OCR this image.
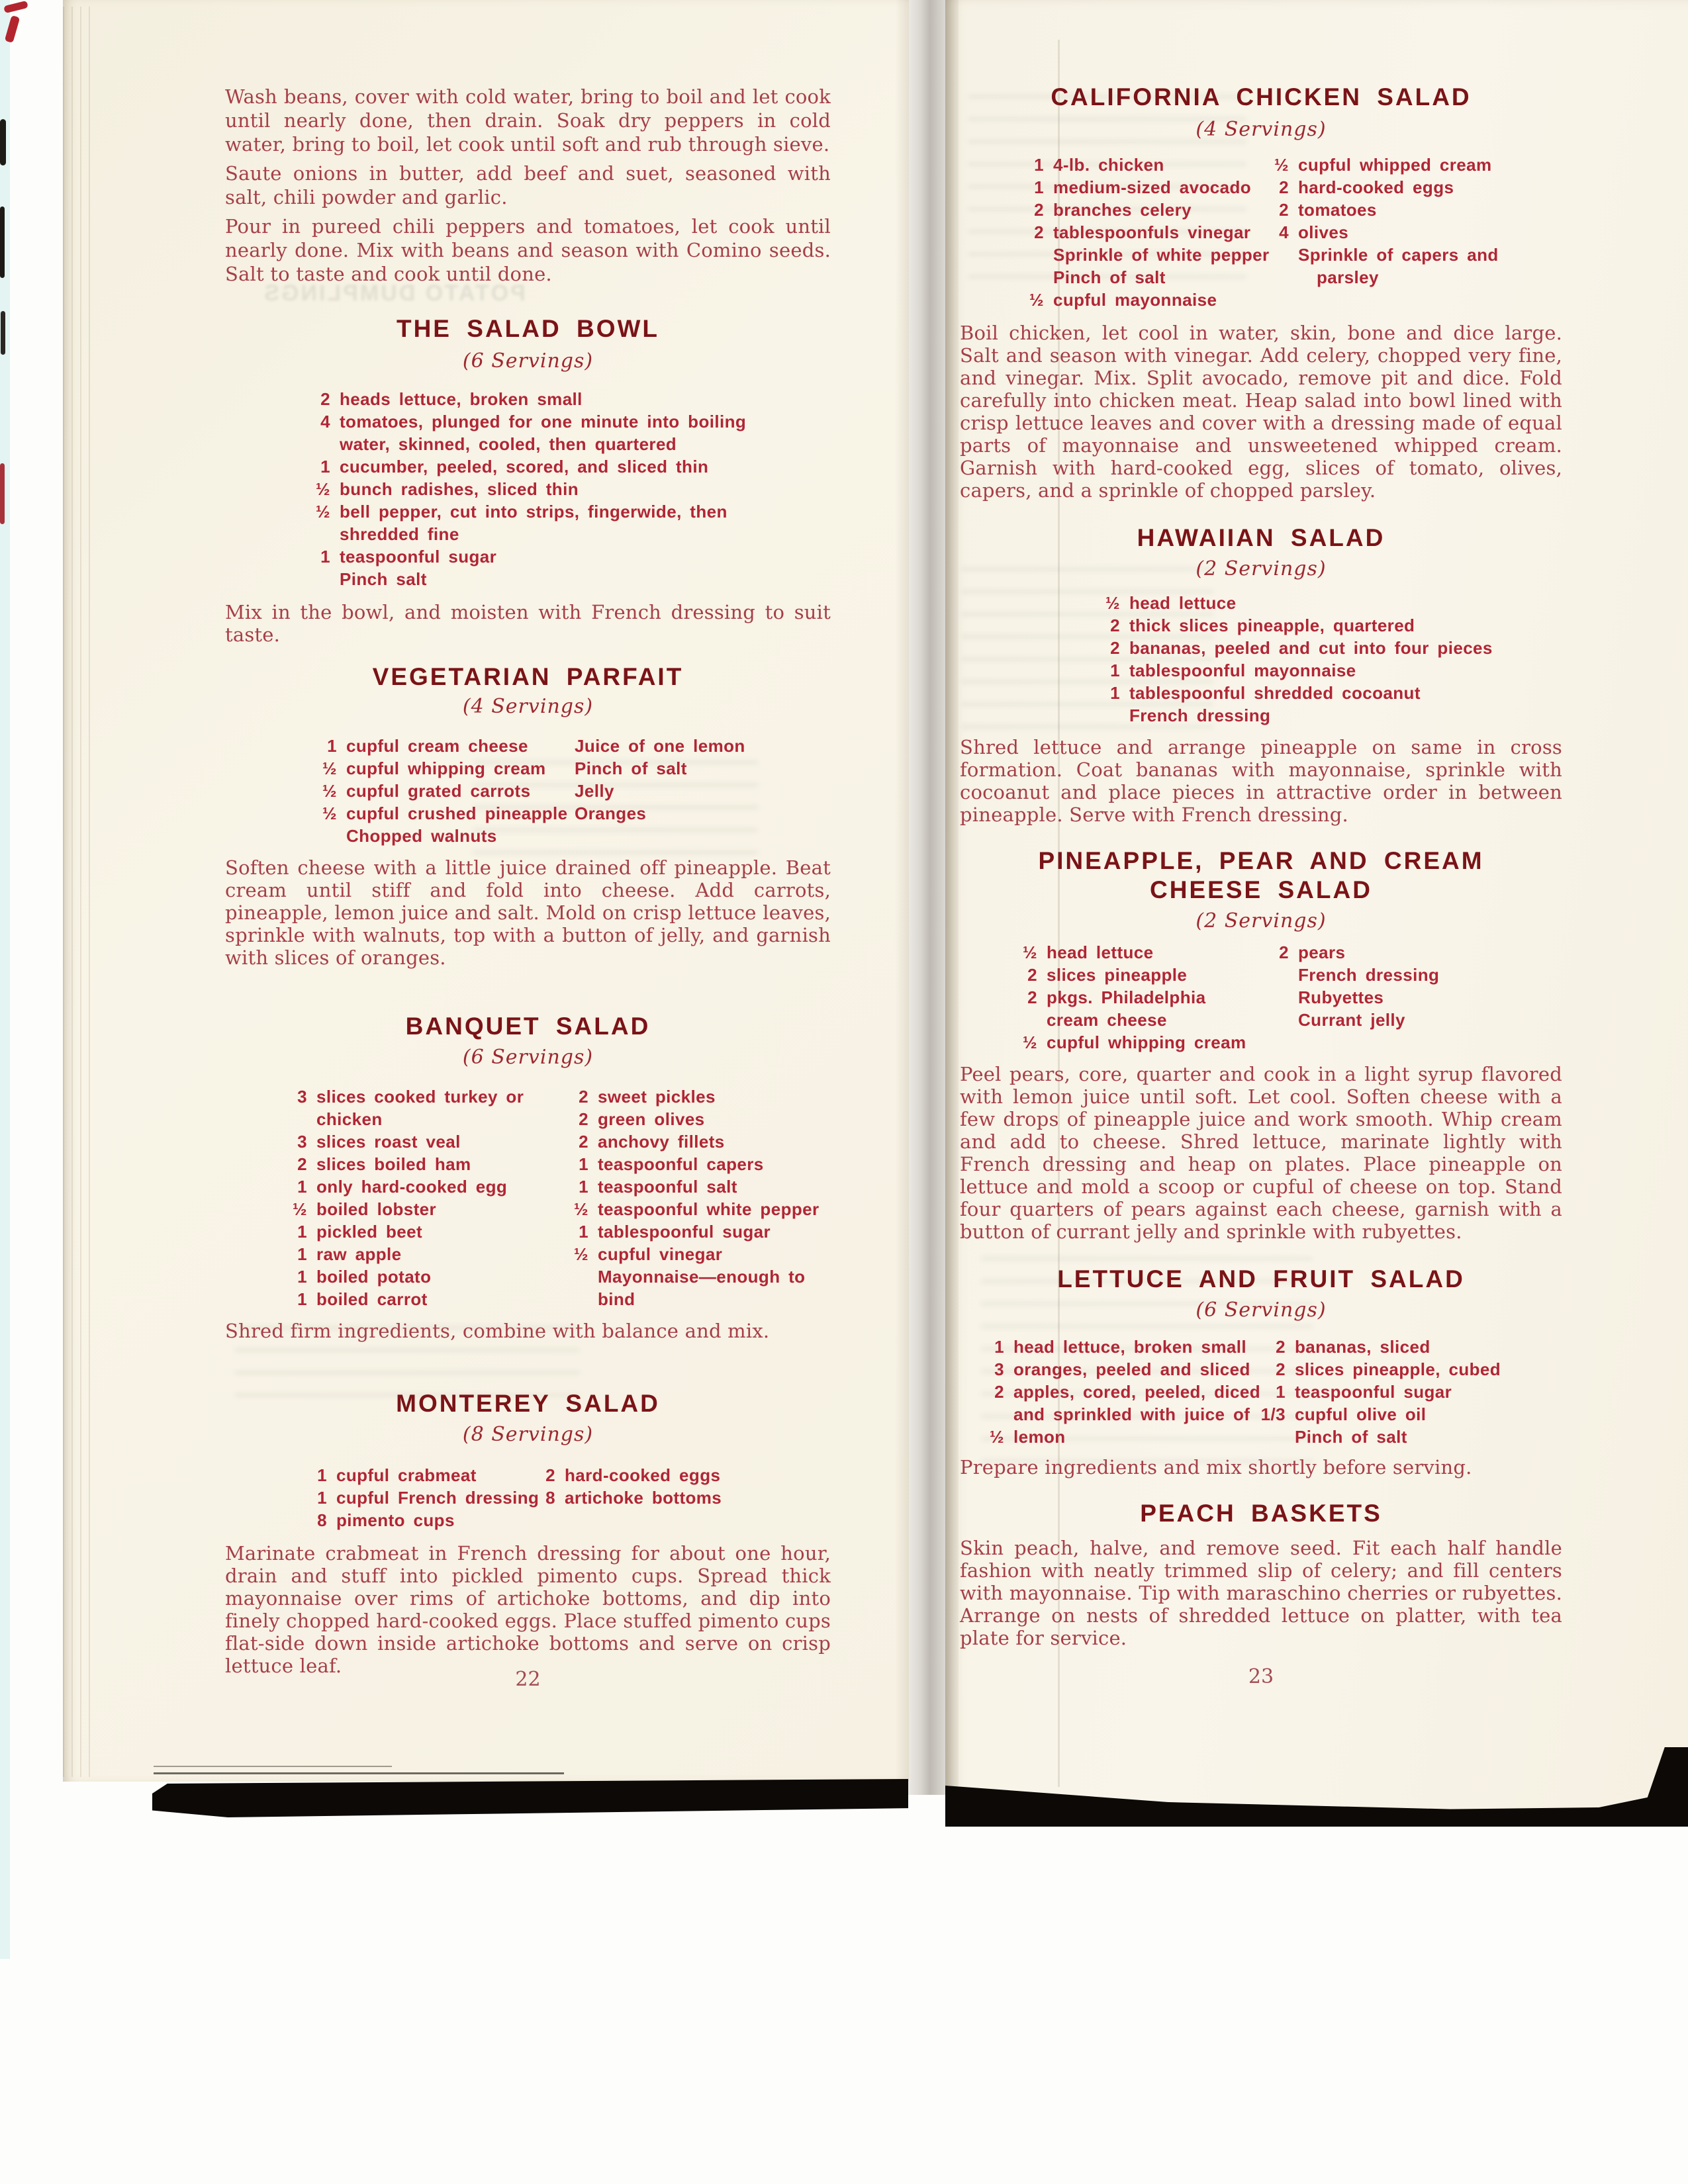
POTATO DUMPLINGS
Wash beans, cover with cold water, bring to boil and let cook until nearly done, then drain. Soak dry peppers in cold water, bring to boil, let cook until soft and rub through sieve.
Saute onions in butter, add beef and suet, seasoned with salt, chili powder and garlic.
Pour in pureed chili peppers and tomatoes, let cook until nearly done. Mix with beans and season with Comino seeds. Salt to taste and cook until done.
THE SALAD BOWL
(6 Servings)
2 heads lettuce, broken small
4 tomatoes, plunged for one minute into boiling
water, skinned, cooled, then quartered
1 cucumber, peeled, scored, and sliced thin
½ bunch radishes, sliced thin
½ bell pepper, cut into strips, fingerwide, then
shredded fine
1 teaspoonful sugar
Pinch salt
Mix in the bowl, and moisten with French dressing to suit taste.
VEGETARIAN PARFAIT
(4 Servings)
1 cupful cream cheese
½ cupful whipping cream
½ cupful grated carrots
½ cupful crushed pineapple
Chopped walnuts
Juice of one lemon
Pinch of salt
Jelly
Oranges
Soften cheese with a little juice drained off pineapple. Beat cream until stiff and fold into cheese. Add carrots, pineapple, lemon juice and salt. Mold on crisp lettuce leaves, sprinkle with walnuts, top with a button of jelly, and garnish with slices of oranges.
BANQUET SALAD
(6 Servings)
3 slices cooked turkey or
chicken
3 slices roast veal
2 slices boiled ham
1 only hard-cooked egg
½ boiled lobster
1 pickled beet
1 raw apple
1 boiled potato
1 boiled carrot
2 sweet pickles
2 green olives
2 anchovy fillets
1 teaspoonful capers
1 teaspoonful salt
½ teaspoonful white pepper
1 tablespoonful sugar
½ cupful vinegar
Mayonnaise—enough to
bind
Shred firm ingredients, combine with balance and mix.
MONTEREY SALAD
(8 Servings)
1 cupful crabmeat
1 cupful French dressing
8 pimento cups
2 hard-cooked eggs
8 artichoke bottoms
Marinate crabmeat in French dressing for about one hour, drain and stuff into pickled pimento cups. Spread thick mayonnaise over rims of artichoke bottoms, and dip into finely chopped hard-cooked eggs. Place stuffed pimento cups flat-side down inside artichoke bottoms and serve on crisp lettuce leaf.
22
CALIFORNIA CHICKEN SALAD
(4 Servings)
1 4-lb. chicken
1 medium-sized avocado
2 branches celery
2 tablespoonfuls vinegar
Sprinkle of white pepper
Pinch of salt
½ cupful mayonnaise
½ cupful whipped cream
2 hard-cooked eggs
2 tomatoes
4 olives
Sprinkle of capers and
parsley
Boil chicken, let cool in water, skin, bone and dice large. Salt and season with vinegar. Add celery, chopped very fine, and vinegar. Mix. Split avocado, remove pit and dice. Fold carefully into chicken meat. Heap salad into bowl lined with crisp lettuce leaves and cover with a dressing made of equal parts of mayonnaise and unsweetened whipped cream. Garnish with hard-cooked egg, slices of tomato, olives, capers, and a sprinkle of chopped parsley.
HAWAIIAN SALAD
(2 Servings)
½ head lettuce
2 thick slices pineapple, quartered
2 bananas, peeled and cut into four pieces
1 tablespoonful mayonnaise
1 tablespoonful shredded cocoanut
French dressing
Shred lettuce and arrange pineapple on same in cross formation. Coat bananas with mayonnaise, sprinkle with cocoanut and place pieces in attractive order in between pineapple. Serve with French dressing.
PINEAPPLE, PEAR AND CREAM
CHEESE SALAD
(2 Servings)
½ head lettuce
2 slices pineapple
2 pkgs. Philadelphia
cream cheese
½ cupful whipping cream
2 pears
French dressing
Rubyettes
Currant jelly
Peel pears, core, quarter and cook in a light syrup flavored with lemon juice until soft. Let cool. Soften cheese with a few drops of pineapple juice and work smooth. Whip cream and add to cheese. Shred lettuce, marinate lightly with French dressing and heap on plates. Place pineapple on lettuce and mold a scoop or cupful of cheese on top. Stand four quarters of pears against each cheese, garnish with a button of currant jelly and sprinkle with rubyettes.
LETTUCE AND FRUIT SALAD
(6 Servings)
1 head lettuce, broken small
3 oranges, peeled and sliced
2 apples, cored, peeled, diced
and sprinkled with juice of
½ lemon
2 bananas, sliced
2 slices pineapple, cubed
1 teaspoonful sugar
1/3 cupful olive oil
Pinch of salt
Prepare ingredients and mix shortly before serving.
PEACH BASKETS
Skin peach, halve, and remove seed. Fit each half handle fashion with neatly trimmed slip of celery; and fill centers with mayonnaise. Tip with maraschino cherries or rubyettes. Arrange on nests of shredded lettuce on platter, with tea plate for service.
23
